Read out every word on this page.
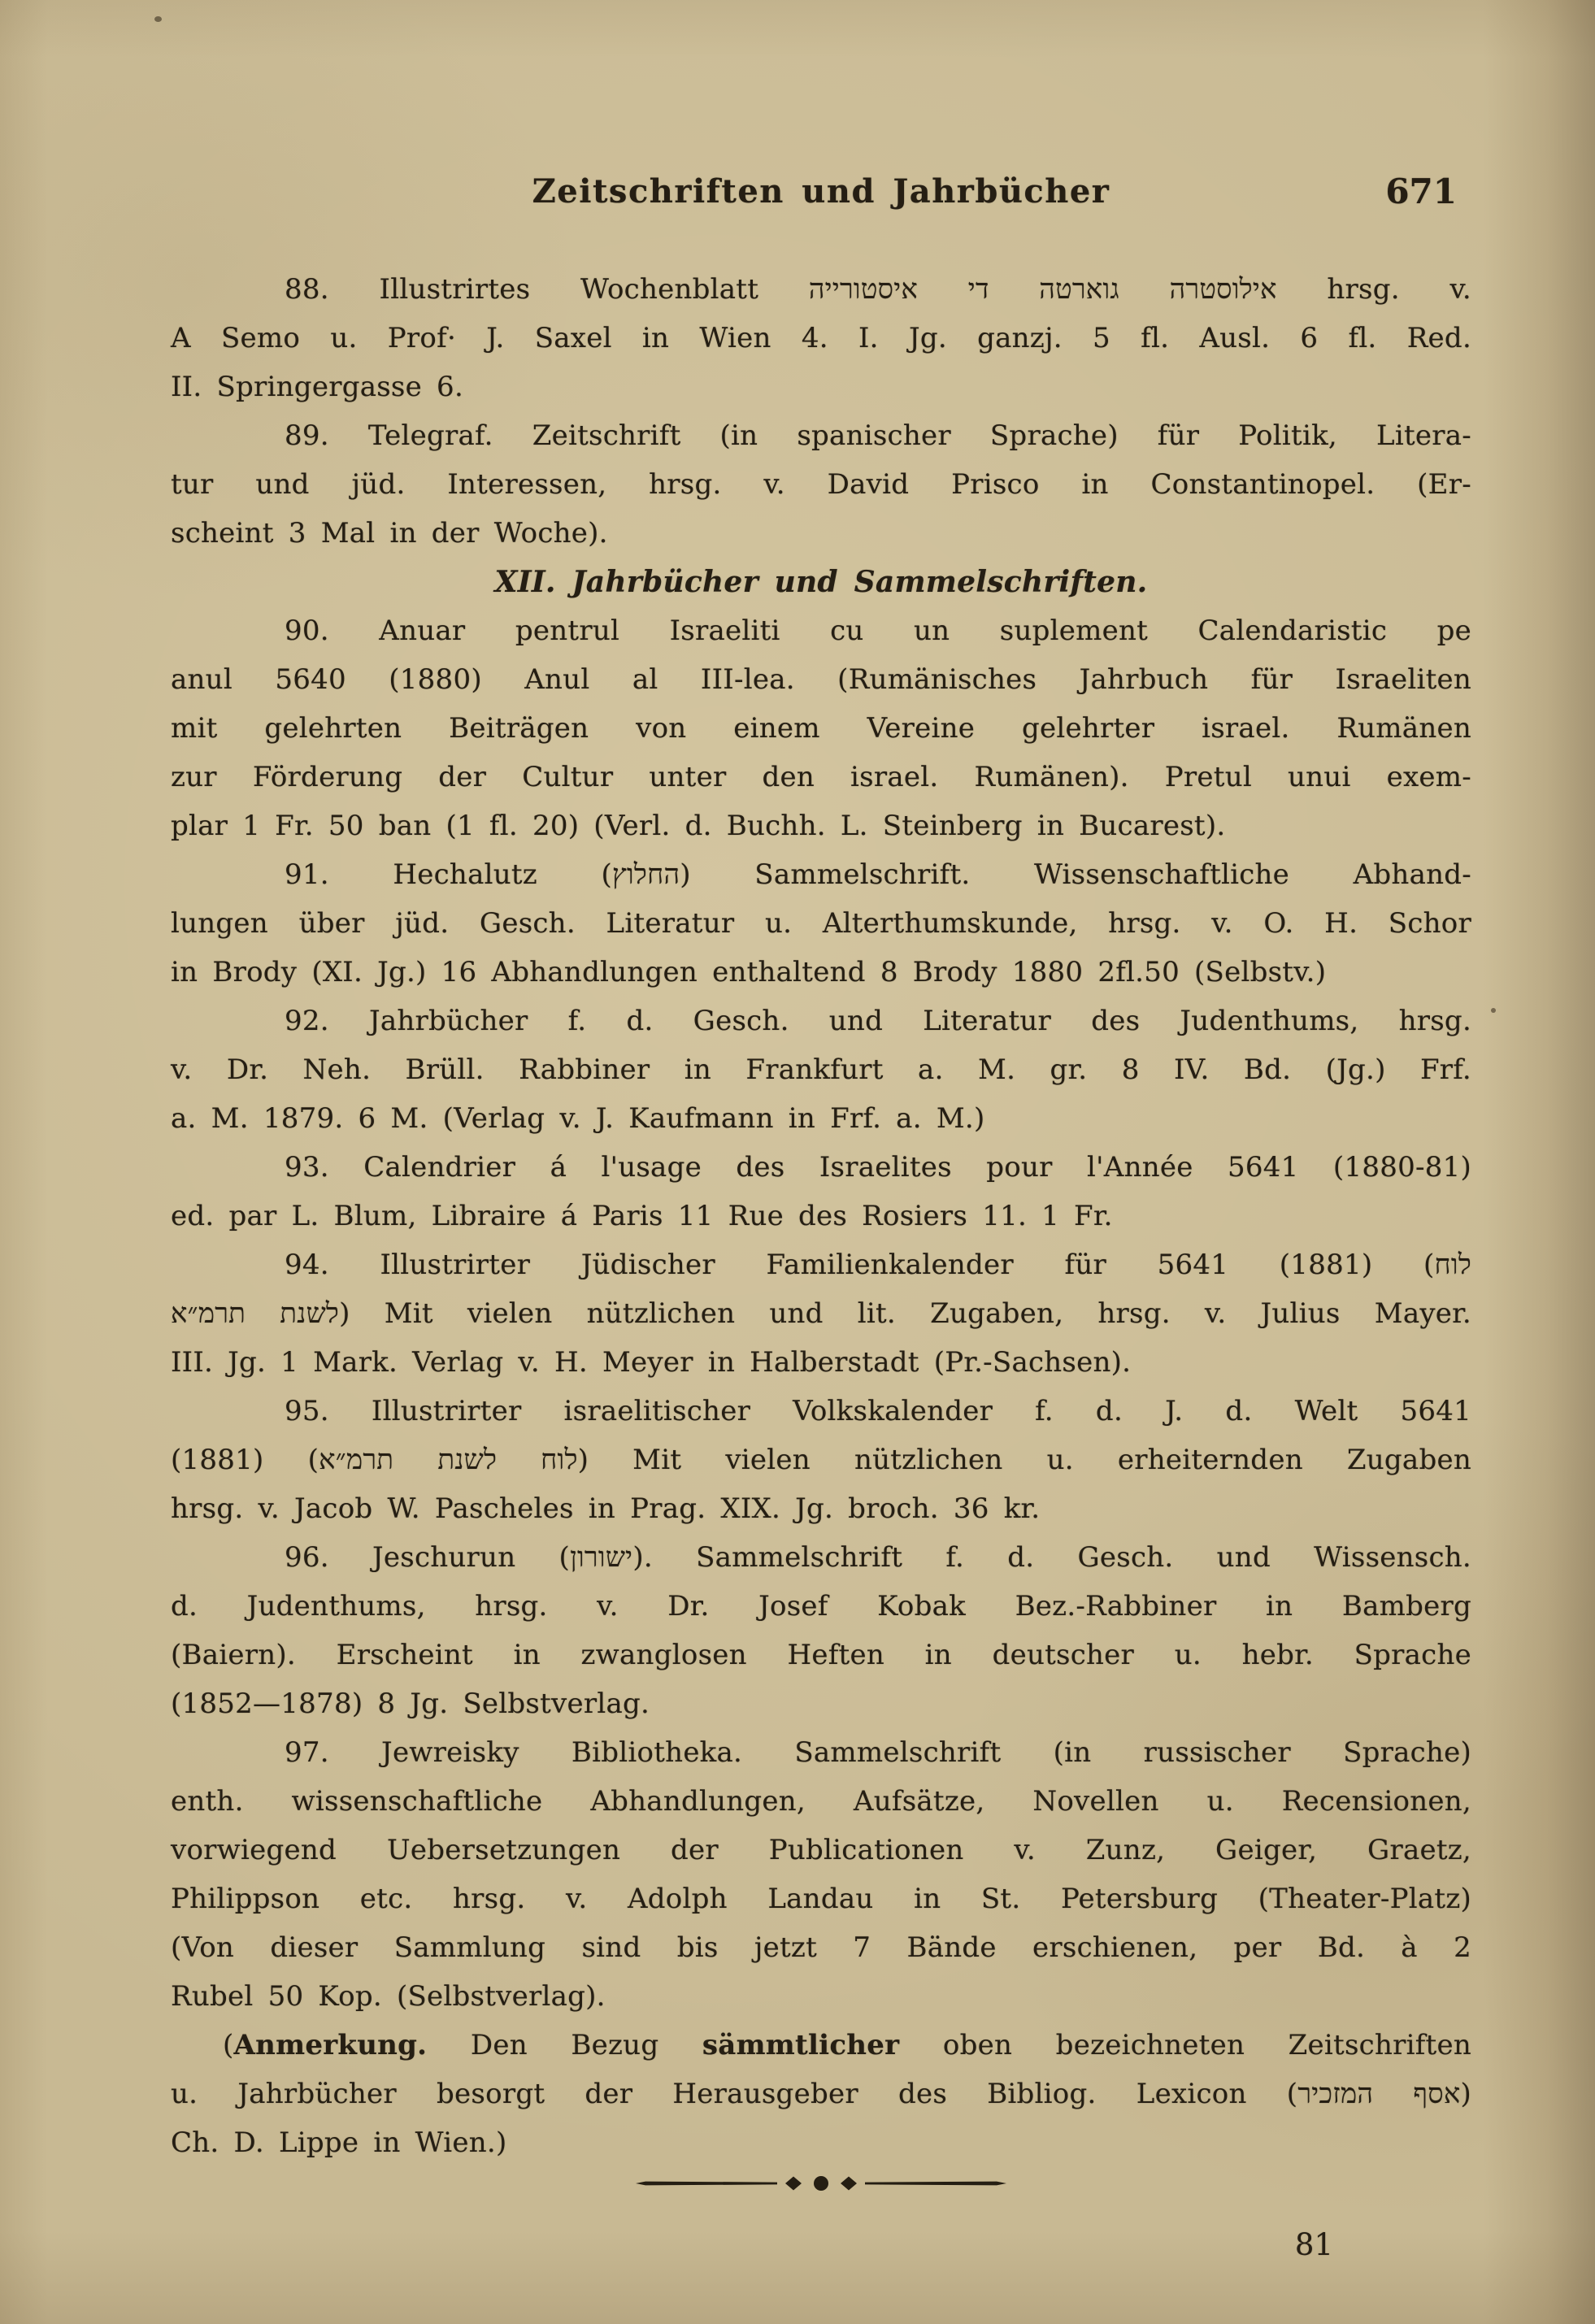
Zeitschriften und Jahrbücher	671
88. Illustrirtes Wochenblatt אילוסטרה גוארטה די איסטורייה hrsg. v.
A Semo u. Prof· J. Saxel in Wien 4. I. Jg. ganzj. 5 fl. Ausl. 6 fl. Red.
II. Springergasse 6.
89. Telegraf. Zeitschrift (in spanischer Sprache) für Politik, Litera-
tur und jüd. Interessen, hrsg. v. David Prisco in Constantinopel. (Er-
scheint 3 Mal in der Woche).
XII. Jahrbücher und Sammelschriften.
90. Anuar pentrul Israeliti cu un suplement Calendaristic pe
anul 5640 (1880) Anul al III-lea. (Rumänisches Jahrbuch für Israeliten
mit gelehrten Beiträgen von einem Vereine gelehrter israel. Rumänen
zur Förderung der Cultur unter den israel. Rumänen). Pretul unui exem-
plar 1 Fr. 50 ban (1 fl. 20) (Verl. d. Buchh. L. Steinberg in Bucarest).
91. Hechalutz (החלוץ) Sammelschrift. Wissenschaftliche Abhand-
lungen über jüd. Gesch. Literatur u. Alterthumskunde, hrsg. v. O. H. Schor
in Brody (XI. Jg.) 16 Abhandlungen enthaltend 8 Brody 1880 2fl.50 (Selbstv.)
92. Jahrbücher f. d. Gesch. und Literatur des Judenthums, hrsg.
v. Dr. Neh. Brüll. Rabbiner in Frankfurt a. M. gr. 8 IV. Bd. (Jg.) Frf.
a. M. 1879. 6 M. (Verlag v. J. Kaufmann in Frf. a. M.)
93. Calendrier á l'usage des Israelites pour l'Année 5641 (1880-81)
ed. par L. Blum, Libraire á Paris 11 Rue des Rosiers 11. 1 Fr.
94. Illustrirter Jüdischer Familienkalender für 5641 (1881) (לוח
לשנת תרמ״א) Mit vielen nützlichen und lit. Zugaben, hrsg. v. Julius Mayer.
III. Jg. 1 Mark. Verlag v. H. Meyer in Halberstadt (Pr.-Sachsen).
95. Illustrirter israelitischer Volkskalender f. d. J. d. Welt 5641
(1881) (לוח לשנת תרמ״א) Mit vielen nützlichen u. erheiternden Zugaben
hrsg. v. Jacob W. Pascheles in Prag. XIX. Jg. broch. 36 kr.
96. Jeschurun (ישורון). Sammelschrift f. d. Gesch. und Wissensch.
d. Judenthums, hrsg. v. Dr. Josef Kobak Bez.-Rabbiner in Bamberg
(Baiern). Erscheint in zwanglosen Heften in deutscher u. hebr. Sprache
(1852—1878) 8 Jg. Selbstverlag.
97. Jewreisky Bibliotheka. Sammelschrift (in russischer Sprache)
enth. wissenschaftliche Abhandlungen, Aufsätze, Novellen u. Recensionen,
vorwiegend Uebersetzungen der Publicationen v. Zunz, Geiger, Graetz,
Philippson etc. hrsg. v. Adolph Landau in St. Petersburg (Theater-Platz)
(Von dieser Sammlung sind bis jetzt 7 Bände erschienen, per Bd. à 2
Rubel 50 Kop. (Selbstverlag).
(Anmerkung. Den Bezug sämmtlicher oben bezeichneten Zeitschriften
u. Jahrbücher besorgt der Herausgeber des Bibliog. Lexicon (אסף המזכיר)
Ch. D. Lippe in Wien.)
81
